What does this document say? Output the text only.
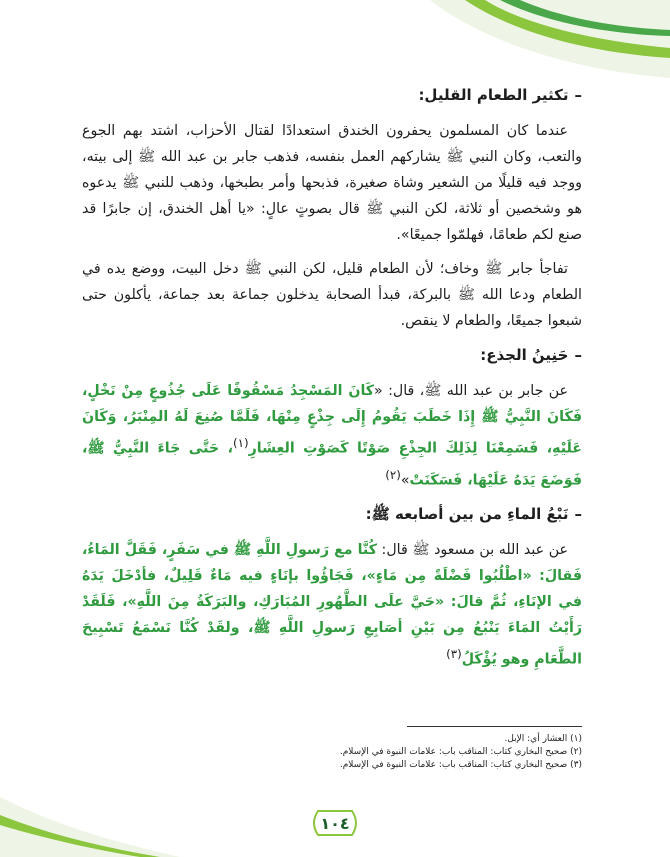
–تكثير الطعام القليل:

عندما كان المسلمون يحفرون الخندق استعدادًا لقتال الأحزاب، اشتد بهم الجوع والتعب، وكان النبي ﷺ يشاركهم العمل بنفسه، فذهب جابر بن عبد الله ﷺ إلى بيته، ووجد فيه قليلًا من الشعير وشاة صغيرة، فذبحها وأمر بطبخها، وذهب للنبي ﷺ يدعوه هو وشخصين أو ثلاثة، لكن النبي ﷺ قال بصوتٍ عالٍ: «يا أهل الخندق، إن جابرًا قد صنع لكم طعامًا، فهلمّوا جميعًا».

تفاجأ جابر ﷺ وخاف؛ لأن الطعام قليل، لكن النبي ﷺ دخل البيت، ووضع يده في الطعام ودعا الله ﷺ بالبركة، فبدأ الصحابة يدخلون جماعة بعد جماعة، يأكلون حتى شبعوا جميعًا، والطعام لا ينقص.

–حَنِينُ الجذع:

عن جابر بن عبد الله ﷺ، قال: «كَانَ المَسْجِدُ مَسْقُوفًا عَلَى جُذُوعٍ مِنْ نَخْلٍ، فَكَانَ النَّبِيُّ ﷺ إِذَا خَطَبَ يَقُومُ إِلَى جِذْعٍ مِنْهَا، فَلَمَّا صُنِعَ لَهُ المِنْبَرُ، وَكَانَ عَلَيْهِ، فَسَمِعْنَا لِذَلِكَ الجِذْعِ صَوْتًا كَصَوْتِ العِشَارِ$^{(١)}$، حَتَّى جَاءَ النَّبِيُّ ﷺ، فَوَضَعَ يَدَهُ عَلَيْهَا، فَسَكَنَتْ»$^{(٢)}$

–نَبْعُ الماءِ من بين أصابعه ﷺ:

عن عبد الله بن مسعود ﷺ قال: كُنَّا مع رَسولِ اللَّهِ ﷺ في سَفَرٍ، فَقَلَّ المَاءُ، فَقالَ: «اطْلُبُوا فَضْلَةً مِن مَاءٍ»، فَجَاؤُوا بإنَاءٍ فيه مَاءٌ قَلِيلٌ، فأدْخَلَ يَدَهُ في الإنَاءِ، ثُمَّ قالَ: «حَيَّ علَى الطَّهُورِ المُبَارَكِ، والبَرَكَةُ مِنَ اللَّهِ»، فَلَقَدْ رَأَيْتُ المَاءَ يَنْبُعُ مِن بَيْنِ أصَابِعِ رَسولِ اللَّهِ ﷺ، ولقَدْ كُنَّا نَسْمَعُ تَسْبِيحَ الطَّعَامِ وهو يُؤْكَلُ$^{(٣)}$

(١) العشار أي: الإبل.
(٢) صحيح البخاري كتاب: المناقب باب: علامات النبوة في الإسلام.
(٣) صحيح البخاري كتاب: المناقب باب: علامات النبوة في الإسلام.
١٠٤
